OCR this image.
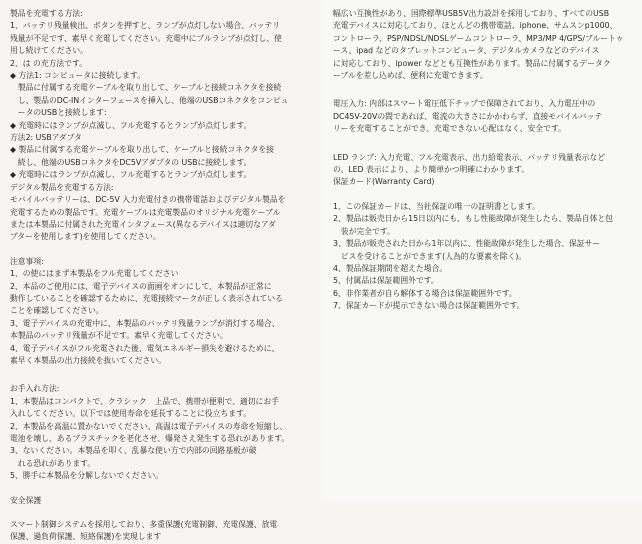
製品を充電する方法:
1、バッテリ残量検出、ボタンを押すと、ランプが点灯しない場合、バッテリ
残量が不足です、素早く充電してください。充電中にプルランプが点灯し、使
用し続けてください。
2、は の充方法です。
◆ 方法1: コンピュータに接続します。
　製品に付属する充電ケーブルを取り出して、ケーブルと接続コネクタを接続
　し、製品のDC-INインターフェースを挿入し、他端のUSBコネクタをコンピュ
　ータのUSBと接続します:
◆ 充電時にはランプが点滅し、フル充電するとランプが点灯します。
方法2: USBアダプタ
◆ 製品に付属する充電ケーブルを取り出して、ケーブルと接続コネクタを接
　続し、他端のUSBコネクタをDC5Vアダプタの USBに接続します。
◆ 充電時にはランプが点滅し、フル充電するとランプが点灯します。
デジタル製品を充電する方法:
モバイルバッテリーは、DC-5V 入力充電付きの携帯電話およびデジタル製品を
充電するための製品です。充電ケーブルは充電製品のオリジナル充電ケーブル
または本製品に付属された充電インタフェース(異なるデバイスは適切なアダ
プターを使用します)を使用してください。

注意事項:
1、の使にはまず本製品をフル充電してください
2、本品のご使用には、電子デバイスの面画をオンにして、本製品が正常に
動作していることを確認するために、充電接続マークが正しく表示されている
ことを確認してください。
3、電子デバイスの充電中に、本製品のバッテリ残量ランプが消灯する場合、
本製品のバッテリ残量が不足です。素早く充電してください。
4、電子デバイスがフル充電された後、電気エネルギー損失を避けるために、
素早く本製品の出力接続を抜いてください。

お手入れ方法:
1、本製品はコンパクトで、クラシック　上品で、携帯が便利で、適切にお手
入れしてください。以下では使用寿命を延長することに役立ちます。
2、本製品を高温に置かないでください。高温は電子デバイスの寿命を短縮し、
電池を壊し、あるプラスチックを老化させ、爆発さえ発生する恐れがあります。
3、ないください。本製品を叩く、乱暴な使い方で内部の回路基板が破
　れる恐れがあります。
5、勝手に本製品を分解しないでください。

安全保護

スマート制御システムを採用しており、多重保護(充電制御、充電保護、放電
保護、過負荷保護、短絡保護)を実現します

幅広い互換性があり、国際標準USB5V出力設計を採用しており、すべてのUSB
充電デバイスに対応しており、ほとんどの携帯電話、iphone、サムスンp1000、
コントローラ、PSP/NDSL/NDSLゲームコントローラ、MP3/MP 4/GPS/ブルートゥ
ース、ipad などのタブレットコンピュータ、デジタルカメラなどのデバイス
に対応しており、ipower などとも互換性があります。製品に付属するデータク
ーブルを差し込めば、便利に充電できます。

電圧入力: 内部はスマート電圧低下チップで保障されており、入力電圧中の
DC45V-20Vの間であれば、電流の大きさにかかわらず、直接モバイルバッテ
リーを充電することができ、充電できない心配はなく、安全です。

LED ランプ: 入力充電、フル充電表示、出力給電表示、バッテリ残量表示など
の、LED 表示により、より簡単かつ明確にわかります。

保証カード(Warranty Card)

1、この保証カードは、当社保証の唯一の証明書とします。
2、製品は販売日から15日以内にも、もし性能故障が発生したら、製品自体と包
　装が完全です。
3、製品が販売された日から1年以内に、性能故障が発生した場合、保証サー
　ビスを受けることができます(人為的な要素を除く)。
4、製品保証期間を超えた場合。
5、付属品は保証範囲外です。
6、非作業者が自ら解体する場合は保証範囲外です。
7、保証カードが提示できない場合は保証範囲外です。
